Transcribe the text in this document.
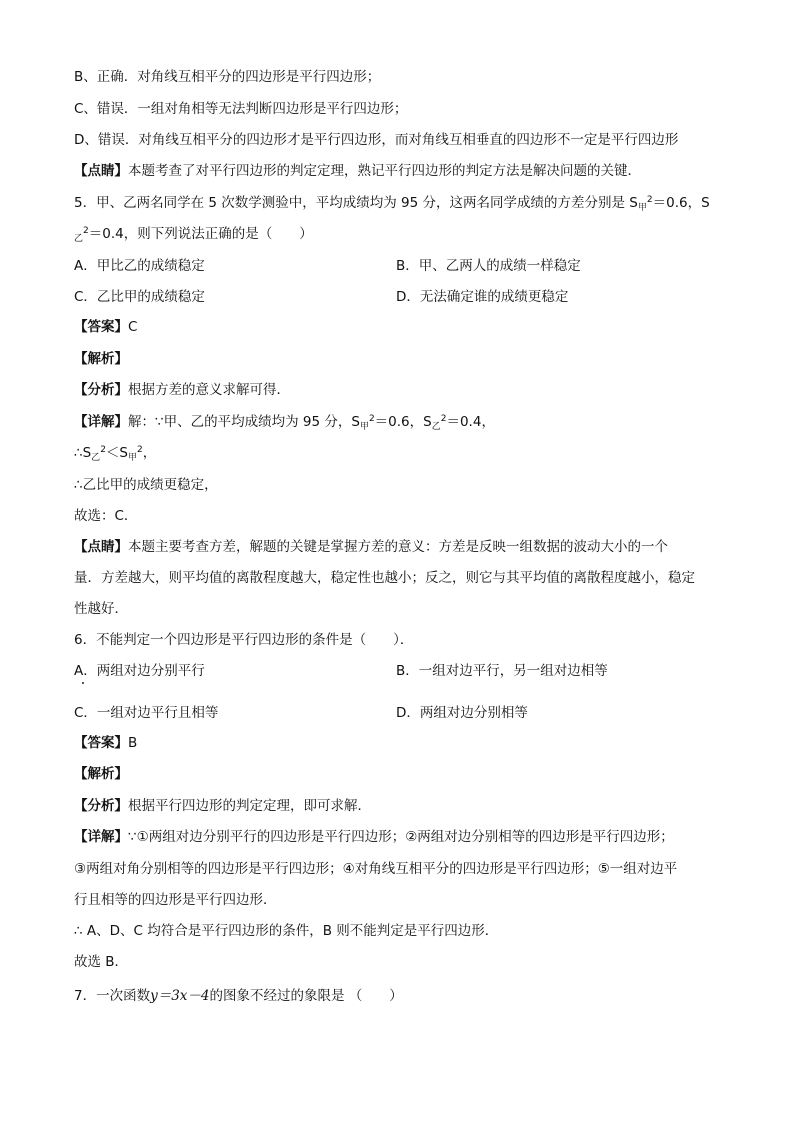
B、正确．对角线互相平分的四边形是平行四边形；
C、错误．一组对角相等无法判断四边形是平行四边形；
D、错误．对角线互相平分的四边形才是平行四边形，而对角线互相垂直的四边形不一定是平行四边形
【点睛】本题考查了对平行四边形的判定定理，熟记平行四边形的判定方法是解决问题的关键．
5．甲、乙两名同学在 5 次数学测验中，平均成绩均为 95 分，这两名同学成绩的方差分别是 $S_甲^2=0.6$，S
$_乙^2$＝0.4，则下列说法正确的是（　　）
A．甲比乙的成绩稳定	B．甲、乙两人的成绩一样稳定
C．乙比甲的成绩稳定	D．无法确定谁的成绩更稳定
【答案】C
【解析】
【分析】根据方差的意义求解可得．
【详解】解：∵甲、乙的平均成绩均为 95 分，$S_甲^2=0.6$，$S_乙^2=0.4$，
$\therefore S_乙^2<S_甲^2$，
∴乙比甲的成绩更稳定，
故选：C．
【点睛】本题主要考查方差，解题的关键是掌握方差的意义：方差是反映一组数据的波动大小的一个
量．方差越大，则平均值的离散程度越大，稳定性也越小；反之，则它与其平均值的离散程度越小，稳定
性越好．
6．不能判定一个四边形是平行四边形的条件是（　　）．
A．两组对边分别平行	B．一组对边平行，另一组对边相等
C．一组对边平行且相等	D．两组对边分别相等
【答案】B
【解析】
【分析】根据平行四边形的判定定理，即可求解．
【详解】∵①两组对边分别平行的四边形是平行四边形；②两组对边分别相等的四边形是平行四边形；
③两组对角分别相等的四边形是平行四边形；④对角线互相平分的四边形是平行四边形；⑤一组对边平
行且相等的四边形是平行四边形．
∴ A、D、C 均符合是平行四边形的条件，B 则不能判定是平行四边形．
故选 B．
7．一次函数y＝3x－4的图象不经过的象限是 （　　）
